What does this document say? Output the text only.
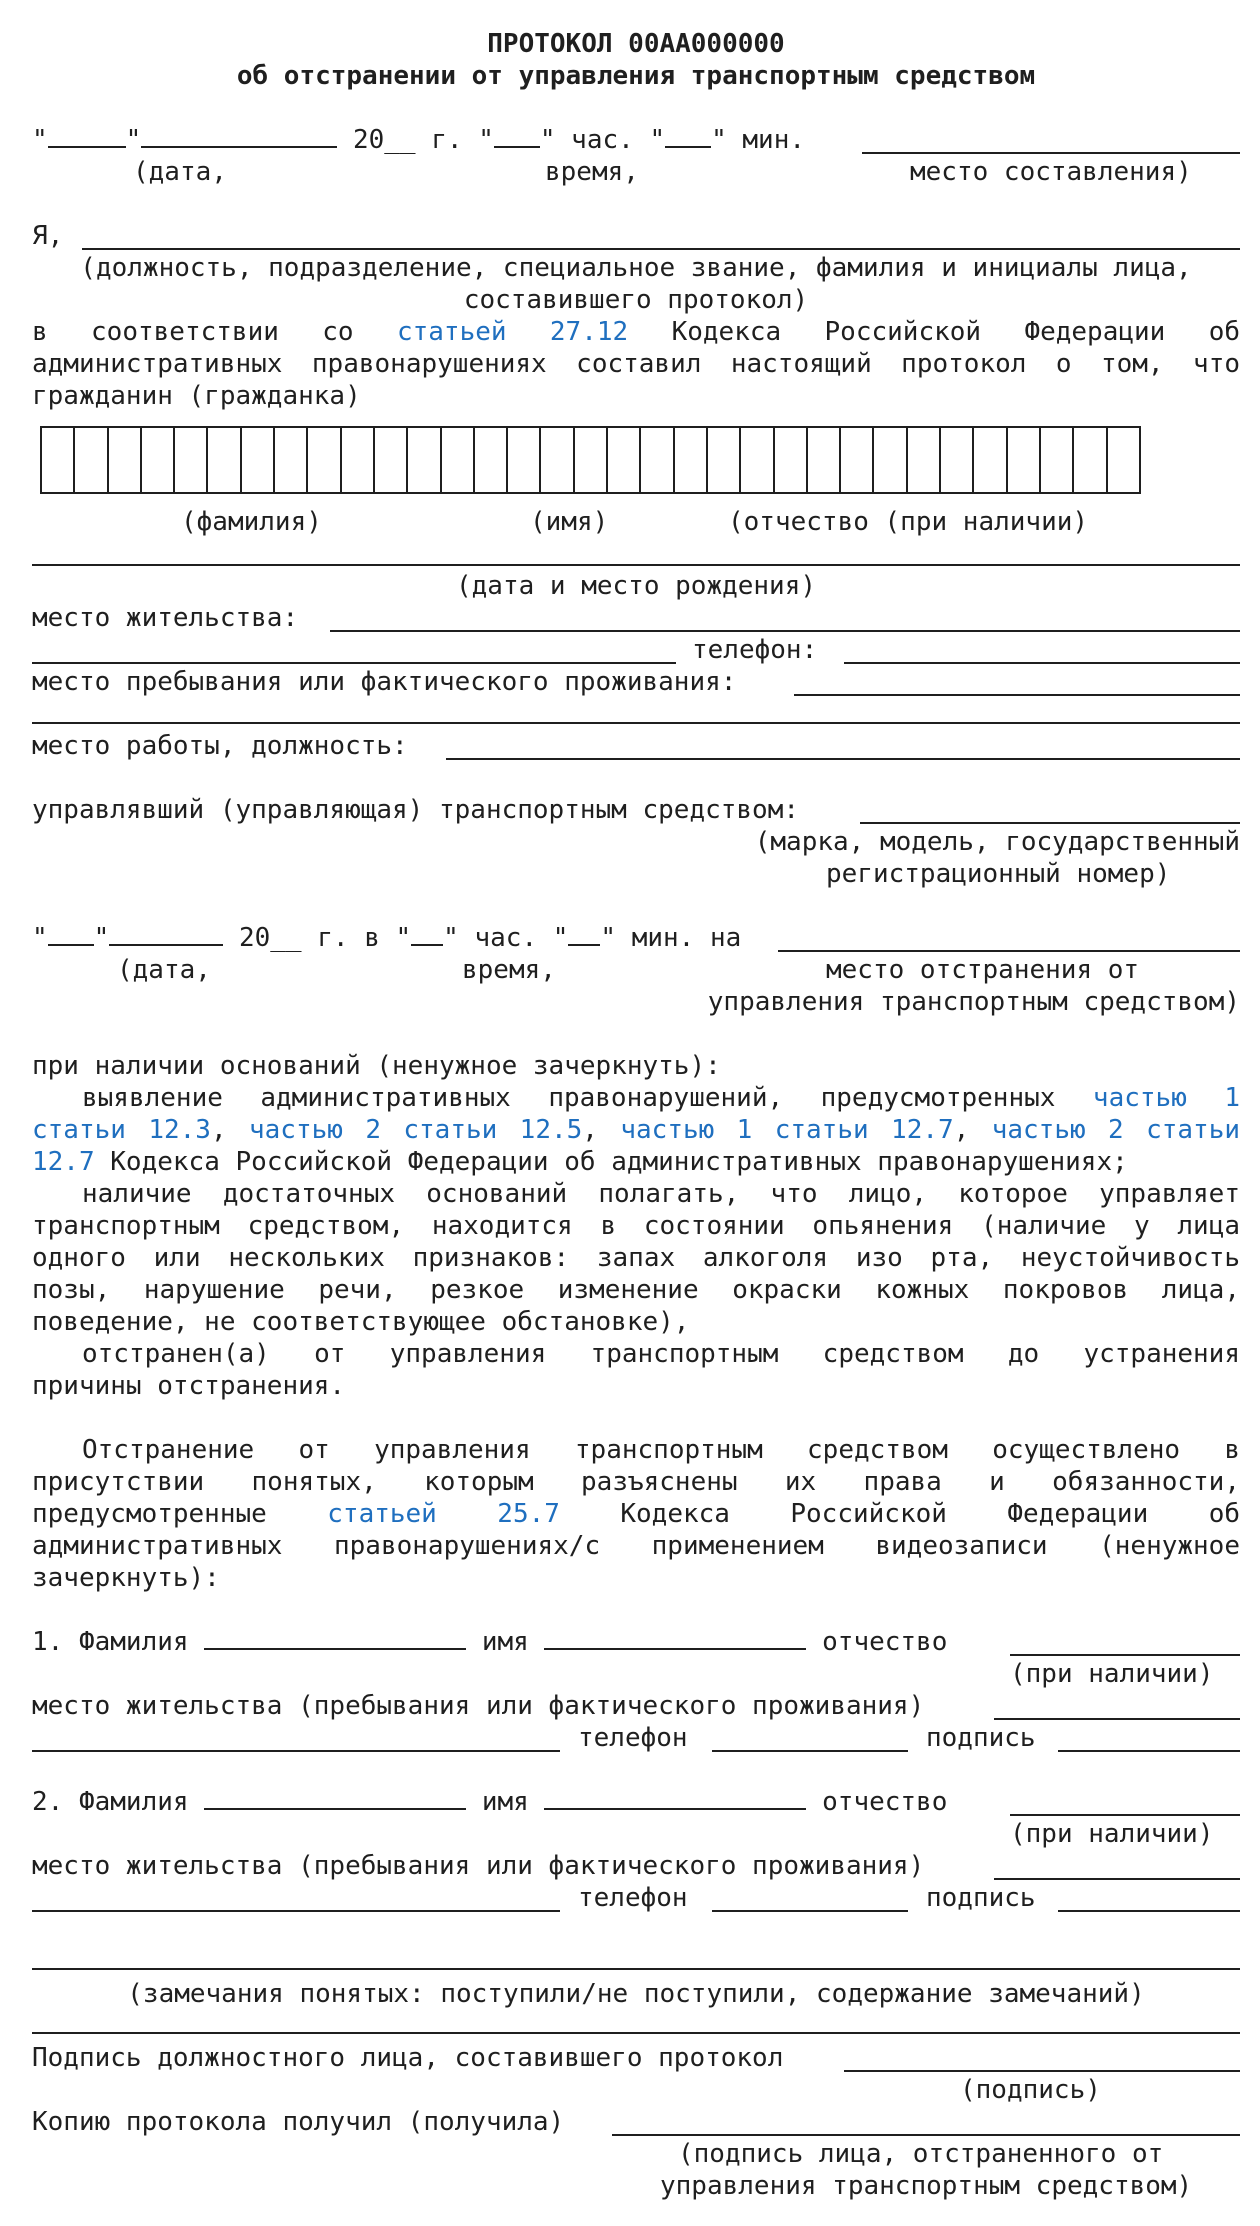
ПРОТОКОЛ 00АА000000
об отстранении от управления транспортным средством
"	"	20__ г. " " час. " " мин.
(дата,	время,	место составления)
Я,
(должность, подразделение, специальное звание, фамилия и инициалы лица,
составившего протокол)
в соответствии со статьей 27.12 Кодекса Российской Федерации об
административных правонарушениях составил настоящий протокол о том, что
гражданин (гражданка)
(фамилия)	(имя)	(отчество (при наличии)
(дата и место рождения)
место жительства:
телефон:
место пребывания или фактического проживания:
место работы, должность:
управлявший (управляющая) транспортным средством:
(марка, модель, государственный
регистрационный номер)
" "	20__ г. в " " час. " " мин. на
(дата,	время,	место отстранения от
управления транспортным средством)
при наличии оснований (ненужное зачеркнуть):
выявление административных правонарушений, предусмотренных частью 1
статьи 12.3, частью 2 статьи 12.5, частью 1 статьи 12.7, частью 2 статьи
12.7 Кодекса Российской Федерации об административных правонарушениях;
наличие достаточных оснований полагать, что лицо, которое управляет
транспортным средством, находится в состоянии опьянения (наличие у лица
одного или нескольких признаков: запах алкоголя изо рта, неустойчивость
позы, нарушение речи, резкое изменение окраски кожных покровов лица,
поведение, не соответствующее обстановке),
отстранен(а) от управления транспортным средством до устранения
причины отстранения.
Отстранение от управления транспортным средством осуществлено в
присутствии понятых, которым разъяснены их права и обязанности,
предусмотренные статьей 25.7 Кодекса Российской Федерации об
административных правонарушениях/с применением видеозаписи (ненужное
зачеркнуть):
1. Фамилия	имя	отчество
(при наличии)
место жительства (пребывания или фактического проживания)
телефон	подпись
2. Фамилия	имя	отчество
(при наличии)
место жительства (пребывания или фактического проживания)
телефон	подпись
(замечания понятых: поступили/не поступили, содержание замечаний)
Подпись должностного лица, составившего протокол
(подпись)
Копию протокола получил (получила)
(подпись лица, отстраненного от
управления транспортным средством)
